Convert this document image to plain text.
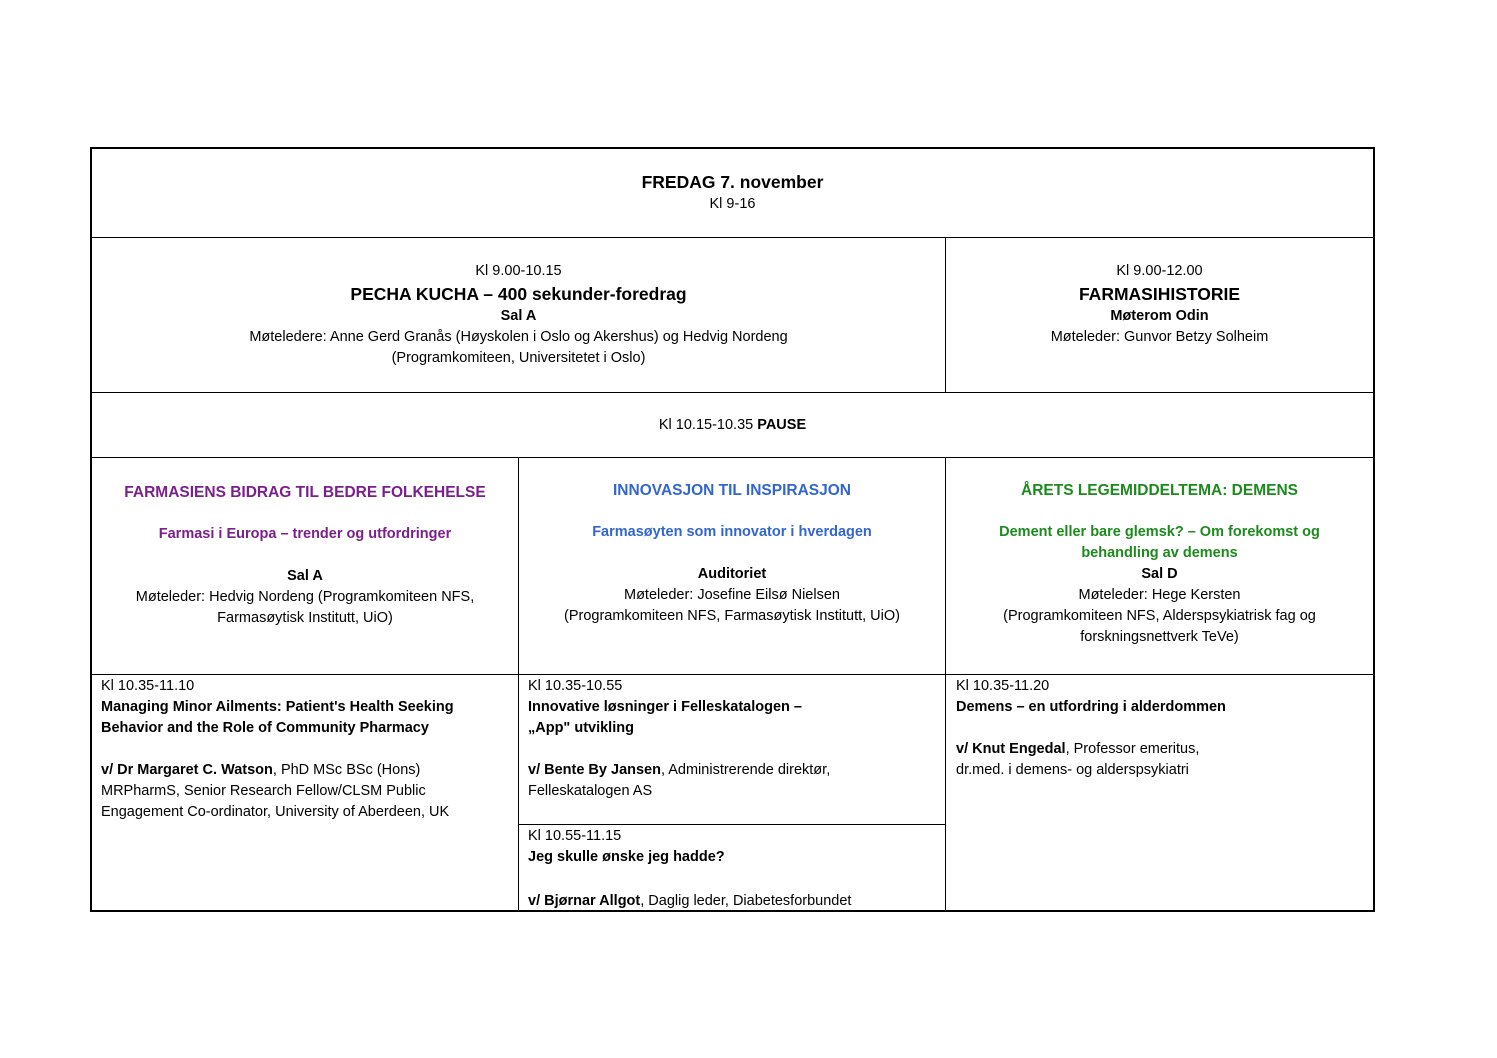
FREDAG 7. november
Kl 9-16
Kl 9.00-10.15
PECHA KUCHA – 400 sekunder-foredrag
Sal A
Møteledere: Anne Gerd Granås (Høyskolen i Oslo og Akershus) og Hedvig Nordeng
(Programkomiteen, Universitetet i Oslo)
Kl 9.00-12.00
FARMASIHISTORIE
Møterom Odin
Møteleder: Gunvor Betzy Solheim
Kl 10.15-10.35 PAUSE
FARMASIENS BIDRAG TIL BEDRE FOLKEHELSE
Farmasi i Europa – trender og utfordringer
Sal A
Møteleder: Hedvig Nordeng (Programkomiteen NFS,
Farmasøytisk Institutt, UiO)
INNOVASJON TIL INSPIRASJON
Farmasøyten som innovator i hverdagen
Auditoriet
Møteleder: Josefine Eilsø Nielsen
(Programkomiteen NFS, Farmasøytisk Institutt, UiO)
ÅRETS LEGEMIDDELTEMA: DEMENS
Dement eller bare glemsk? – Om forekomst og
behandling av demens
Sal D
Møteleder: Hege Kersten
(Programkomiteen NFS, Alderspsykiatrisk fag og
forskningsnettverk TeVe)
Kl 10.35-11.10
Managing Minor Ailments: Patient's Health Seeking
Behavior and the Role of Community Pharmacy
v/ Dr Margaret C. Watson, PhD MSc BSc (Hons)
MRPharmS, Senior Research Fellow/CLSM Public
Engagement Co-ordinator, University of Aberdeen, UK
Kl 10.35-10.55
Innovative løsninger i Felleskatalogen –
„App" utvikling
v/ Bente By Jansen, Administrerende direktør,
Felleskatalogen AS
Kl 10.55-11.15
Jeg skulle ønske jeg hadde?
v/ Bjørnar Allgot, Daglig leder, Diabetesforbundet
Kl 10.35-11.20
Demens – en utfordring i alderdommen
v/ Knut Engedal, Professor emeritus,
dr.med. i demens- og alderspsykiatri
